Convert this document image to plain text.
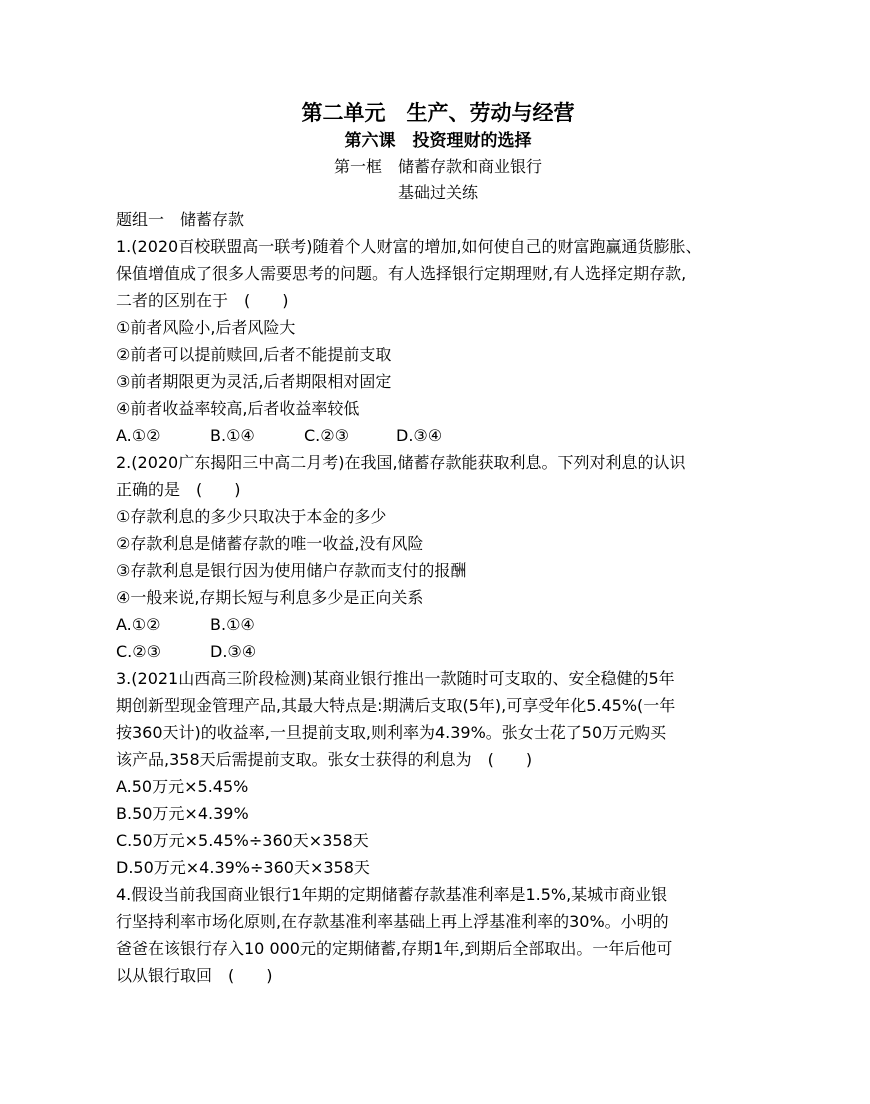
第二单元　生产、劳动与经营
第六课　投资理财的选择
第一框　储蓄存款和商业银行
基础过关练
题组一　储蓄存款
1.(2020百校联盟高一联考)随着个人财富的增加,如何使自己的财富跑赢通货膨胀、
保值增值成了很多人需要思考的问题。有人选择银行定期理财,有人选择定期存款,
二者的区别在于　(　　)
①前者风险小,后者风险大
②前者可以提前赎回,后者不能提前支取
③前者期限更为灵活,后者期限相对固定
④前者收益率较高,后者收益率较低
A.①②	B.①④	C.②③	D.③④
2.(2020广东揭阳三中高二月考)在我国,储蓄存款能获取利息。下列对利息的认识
正确的是　(　　)
①存款利息的多少只取决于本金的多少
②存款利息是储蓄存款的唯一收益,没有风险
③存款利息是银行因为使用储户存款而支付的报酬
④一般来说,存期长短与利息多少是正向关系
A.①②	B.①④
C.②③	D.③④
3.(2021山西高三阶段检测)某商业银行推出一款随时可支取的、安全稳健的5年
期创新型现金管理产品,其最大特点是:期满后支取(5年),可享受年化5.45%(一年
按360天计)的收益率,一旦提前支取,则利率为4.39%。张女士花了50万元购买
该产品,358天后需提前支取。张女士获得的利息为　(　　)
A.50万元×5.45%
B.50万元×4.39%
C.50万元×5.45%÷360天×358天
D.50万元×4.39%÷360天×358天
4.假设当前我国商业银行1年期的定期储蓄存款基准利率是1.5%,某城市商业银
行坚持利率市场化原则,在存款基准利率基础上再上浮基准利率的30%。小明的
爸爸在该银行存入10 000元的定期储蓄,存期1年,到期后全部取出。一年后他可
以从银行取回　(　　)
